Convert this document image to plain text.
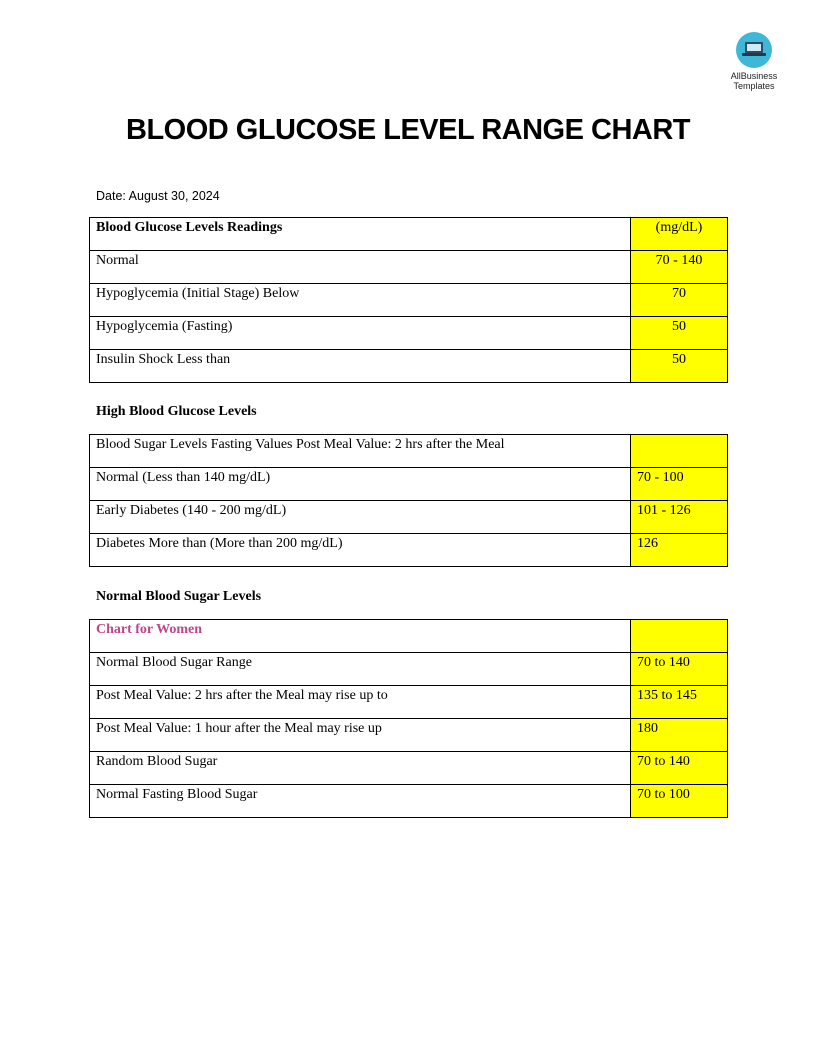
AllBusiness
Templates
BLOOD GLUCOSE LEVEL RANGE CHART
Date: August 30, 2024
Blood Glucose Levels Readings	(mg/dL)
Normal	70 - 140
Hypoglycemia (Initial Stage) Below	70
Hypoglycemia (Fasting)	50
Insulin Shock Less than	50
High Blood Glucose Levels
Blood Sugar Levels Fasting Values Post Meal Value: 2 hrs after the Meal	
Normal (Less than 140 mg/dL)	70 - 100
Early Diabetes (140 - 200 mg/dL)	101 - 126
Diabetes More than (More than 200 mg/dL)	126
Normal Blood Sugar Levels
Chart for Women	
Normal Blood Sugar Range	70 to 140
Post Meal Value: 2 hrs after the Meal may rise up to	135 to 145
Post Meal Value: 1 hour after the Meal may rise up	180
Random Blood Sugar	70 to 140
Normal Fasting Blood Sugar	70 to 100
